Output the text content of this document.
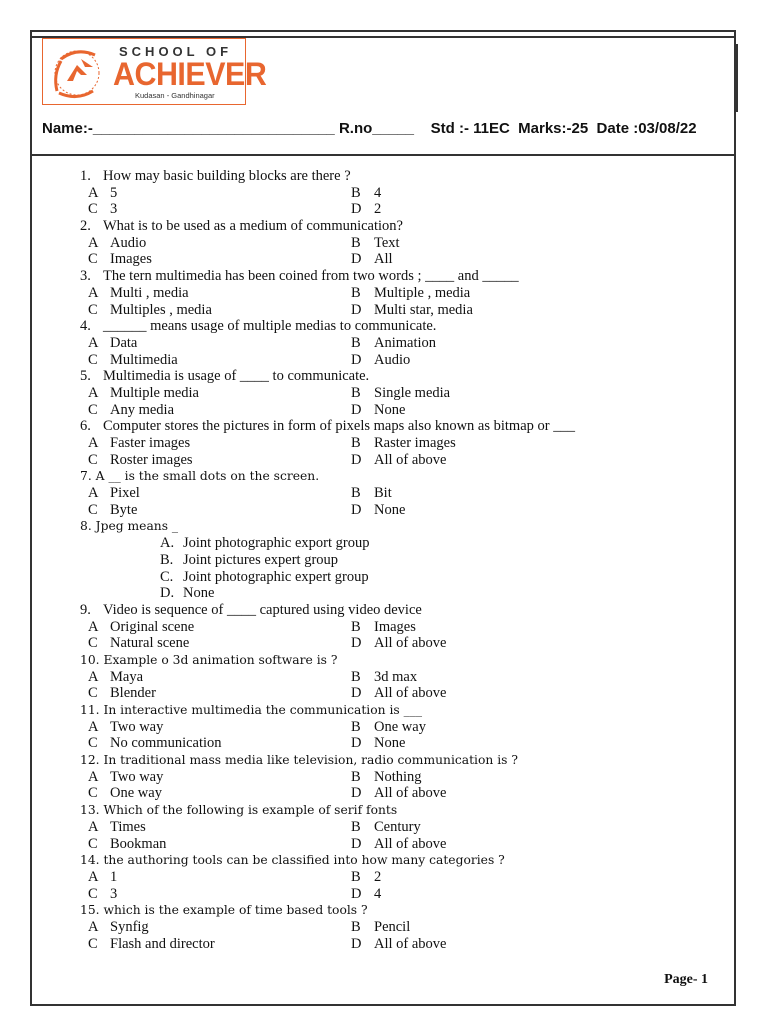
SCHOOL OF
ACHIEVER
Kudasan - Gandhinagar
Name:-_____________________________ R.no_____    Std :- 11EC  Marks:-25  Date :03/08/22
1.How may basic building blocks are there ?
A 5	B 4
C 3	D 2
2.What is to be used as a medium of communication?
A Audio	B Text
C Images	D All
3.The tern multimedia has been coined from two words ; ____ and _____
A Multi , media	B Multiple , media
C Multiples , media	D Multi star, media
4.______ means usage of multiple medias to communicate.
A Data	B Animation
C Multimedia	D Audio
5.Multimedia is usage of ____ to communicate.
A Multiple media	B Single media
C Any media	D None
6.Computer stores the pictures in form of pixels maps also known as bitmap or ___
A Faster images	B Raster images
C Roster images	D All of above
7. A __ is the small dots on the screen.
A Pixel	B Bit
C Byte	D None
8. Jpeg means _
A. Joint photographic export group
B. Joint pictures expert group
C. Joint photographic expert group
D. None
9.Video is sequence of ____ captured using video device
A Original scene	B Images
C Natural scene	D All of above
10. Example o 3d animation software is ?
A Maya	B 3d max
C Blender	D All of above
11. In interactive multimedia the communication is ___
A Two way	B One way
C No communication	D None
12. In traditional mass media like television, radio communication is ?
A Two way	B Nothing
C One way	D All of above
13. Which of the following is example of serif fonts
A Times	B Century
C Bookman	D All of above
14. the authoring tools can be classified into how many categories ?
A 1	B 2
C 3	D 4
15. which is the example of time based tools ?
A Synfig	B Pencil
C Flash and director	D All of above
Page- 1
